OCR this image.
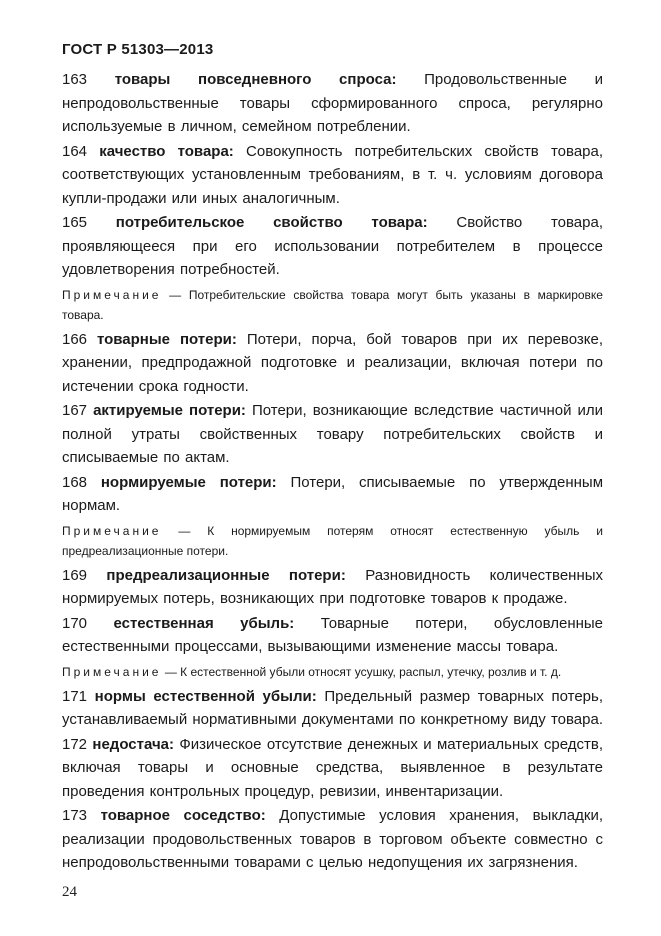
ГОСТ Р 51303—2013

163 товары повседневного спроса: Продовольственные и непродовольственные товары сформированного спроса, регулярно используемые в личном, семейном потреблении.

164 качество товара: Совокупность потребительских свойств товара, соответствующих установленным требованиям, в т. ч. условиям договора купли-продажи или иных аналогичным.

165 потребительское свойство товара: Свойство товара, проявляющееся при его использовании потребителем в процессе удовлетворения потребностей.

Примечание — Потребительские свойства товара могут быть указаны в маркировке товара.

166 товарные потери: Потери, порча, бой товаров при их перевозке, хранении, предпродажной подготовке и реализации, включая потери по истечении срока годности.

167 актируемые потери: Потери, возникающие вследствие частичной или полной утраты свойственных товару потребительских свойств и списываемые по актам.

168 нормируемые потери: Потери, списываемые по утвержденным нормам.

Примечание — К нормируемым потерям относят естественную убыль и предреализационные потери.

169 предреализационные потери: Разновидность количественных нормируемых потерь, возникающих при подготовке товаров к продаже.

170 естественная убыль: Товарные потери, обусловленные естественными процессами, вызывающими изменение массы товара.

Примечание — К естественной убыли относят усушку, распыл, утечку, розлив и т. д.

171 нормы естественной убыли: Предельный размер товарных потерь, устанавливаемый нормативными документами по конкретному виду товара.

172 недостача: Физическое отсутствие денежных и материальных средств, включая товары и основные средства, выявленное в результате проведения контрольных процедур, ревизии, инвентаризации.

173 товарное соседство: Допустимые условия хранения, выкладки, реализации продовольственных товаров в торговом объекте совместно с непродовольственными товарами с целью недопущения их загрязнения.

24
